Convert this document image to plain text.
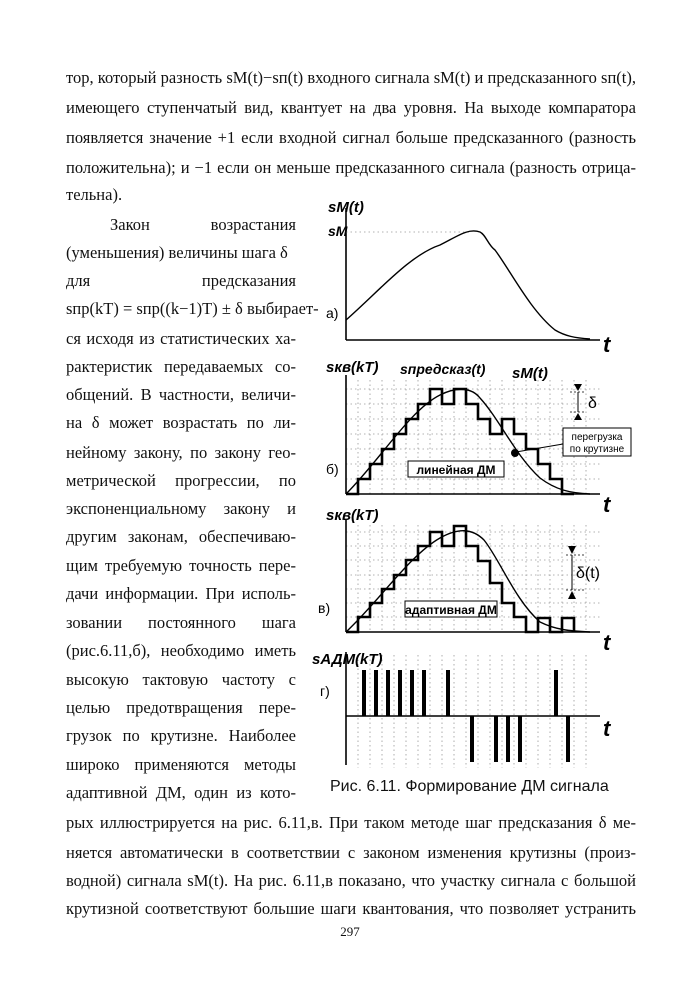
тор, который разность sM(t)−sп(t) входного сигнала sM(t) и предсказанного sп(t),
имеющего ступенчатый вид, квантует на два уровня. На выходе компаратора
появляется значение +1 если входной сигнал больше предсказанного (разность
положительна); и −1 если он меньше предсказанного сигнала (разность отрица-
тельна).
Закон возрастания
(уменьшения) величины шага δ
для предсказания
sпр(kT) = sпр((k−1)T) ± δ выбирает-
ся исходя из статистических ха-
рактеристик передаваемых со-
общений. В частности, величи-
на δ может возрастать по ли-
нейному закону, по закону гео-
метрической прогрессии, по
экспоненциальному закону и
другим законам, обеспечиваю-
щим требуемую точность пере-
дачи информации. При исполь-
зовании постоянного шага
(рис.6.11,б), необходимо иметь
высокую тактовую частоту с
целью предотвращения пере-
грузок по крутизне. Наиболее
широко применяются методы
адаптивной ДМ, один из кото-
рых иллюстрируется на рис. 6.11,в. При таком методе шаг предсказания δ ме-
няется автоматически в соответствии с законом изменения крутизны (произ-
водной) сигнала sM(t). На рис. 6.11,в показано, что участку сигнала с большой
крутизной соответствуют большие шаги квантования, что позволяет устранить
297
sM(t)
sM
а)
t
δ
sкв(kT) sпредсказ(t) sM(t)
линейная ДМ
перегрузка
по крутизне
б)
t
δ(t)
sкв(kT)
адаптивная ДМ
в)
t
sАДМ(kT)
г)
t
Рис. 6.11. Формирование ДМ сигнала
